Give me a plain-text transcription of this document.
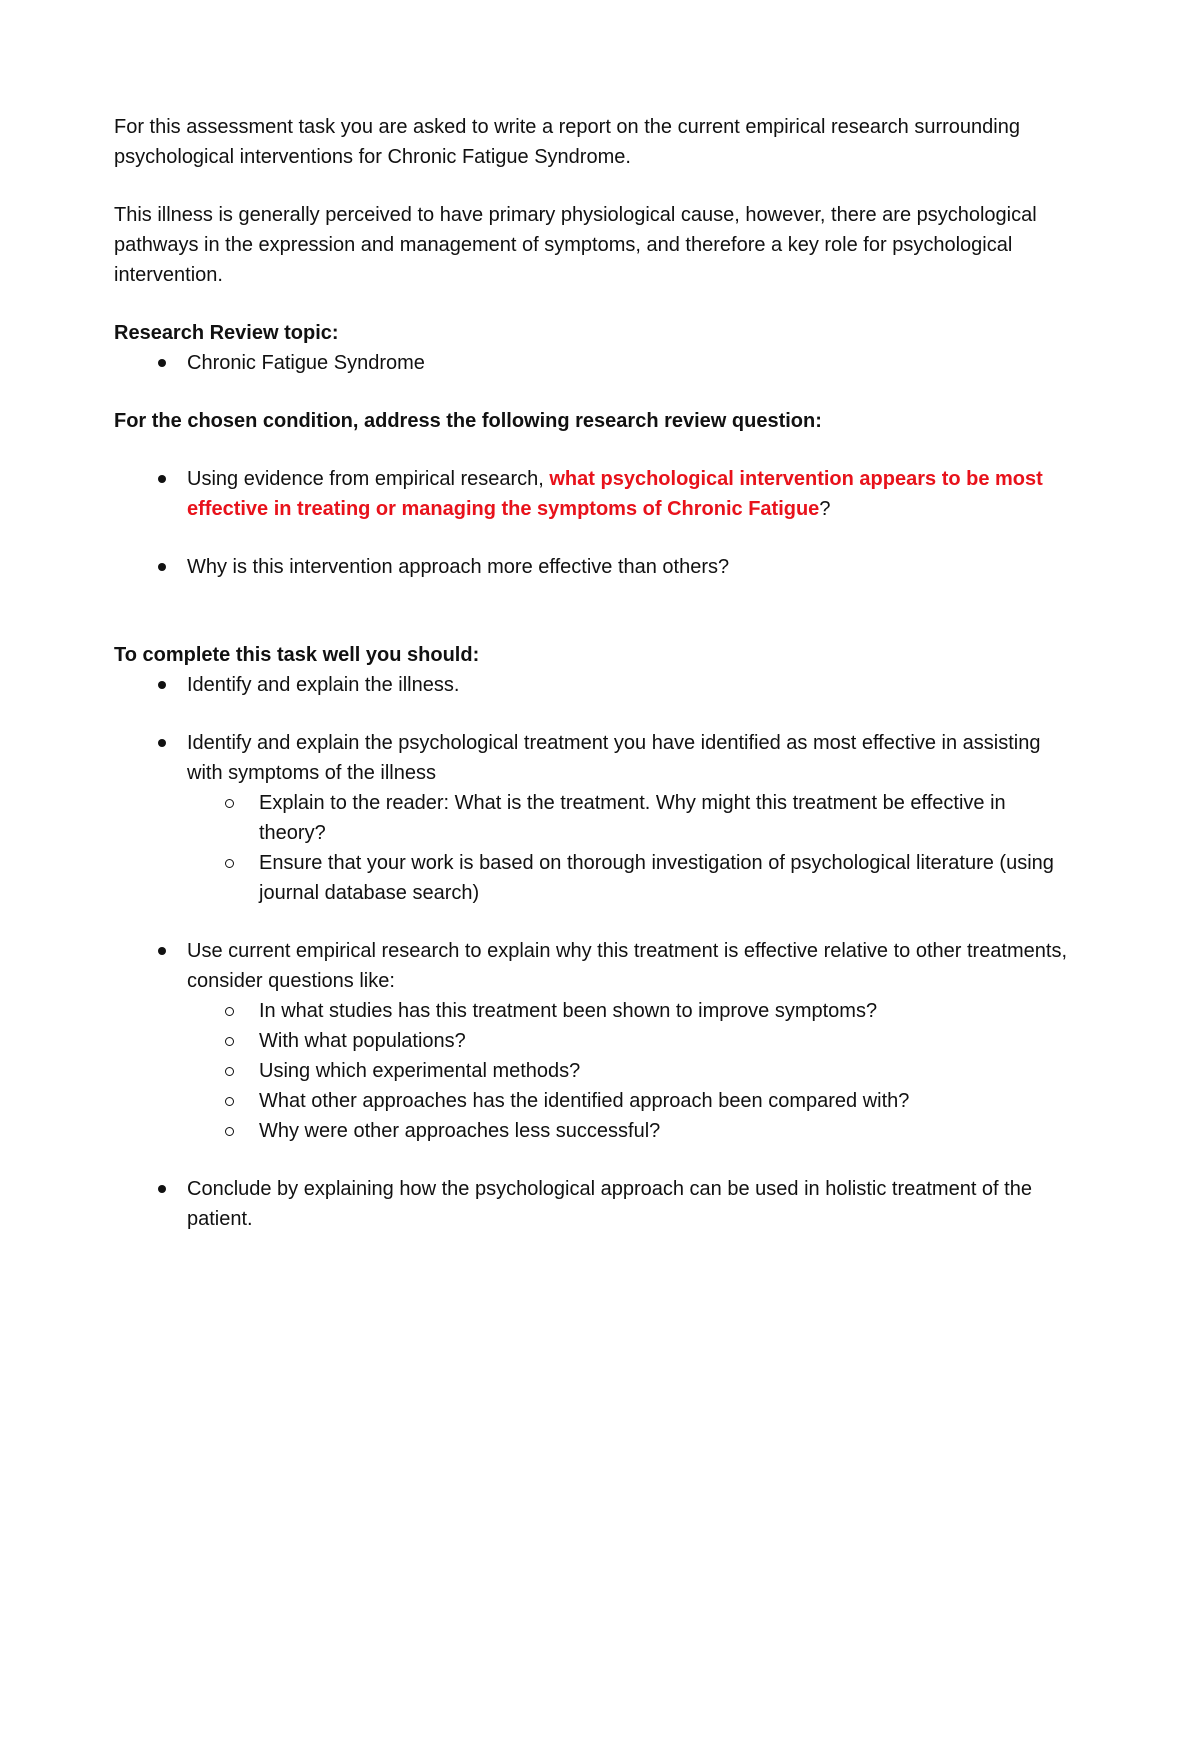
For this assessment task you are asked to write a report on the current empirical research surrounding psychological interventions for Chronic Fatigue Syndrome.

This illness is generally perceived to have primary physiological cause, however, there are psychological pathways in the expression and management of symptoms, and therefore a key role for psychological intervention.

Research Review topic:

Chronic Fatigue Syndrome

For the chosen condition, address the following research review question:

Using evidence from empirical research, what psychological intervention appears to be most effective in treating or managing the symptoms of Chronic Fatigue?
Why is this intervention approach more effective than others?

To complete this task well you should:

Identify and explain the illness.
Identify and explain the psychological treatment you have identified as most effective in assisting with symptoms of the illness
Explain to the reader: What is the treatment. Why might this treatment be effective in theory?
Ensure that your work is based on thorough investigation of psychological literature (using journal database search)
Use current empirical research to explain why this treatment is effective relative to other treatments, consider questions like:
In what studies has this treatment been shown to improve symptoms?
With what populations?
Using which experimental methods?
What other approaches has the identified approach been compared with?
Why were other approaches less successful?
Conclude by explaining how the psychological approach can be used in holistic treatment of the patient.
